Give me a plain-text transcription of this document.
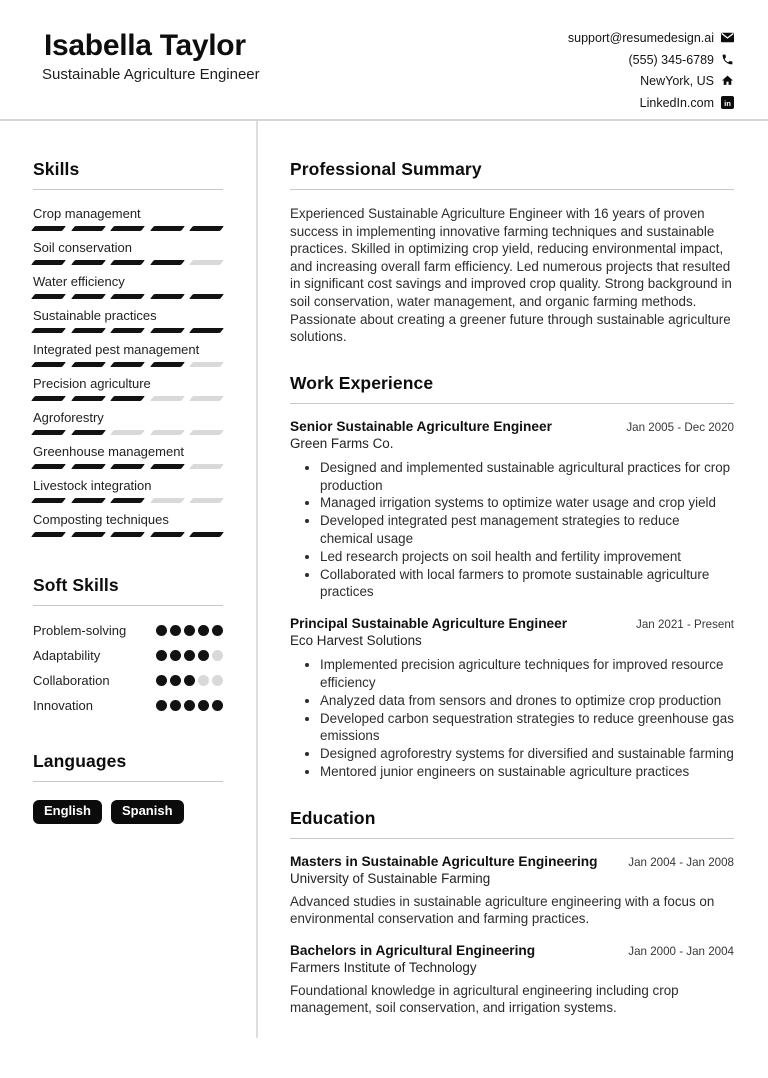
Isabella Taylor
Sustainable Agriculture Engineer
support@resumedesign.ai
(555) 345-6789
NewYork, US
LinkedIn.com in
Skills
Crop management
Soil conservation
Water efficiency
Sustainable practices
Integrated pest management
Precision agriculture
Agroforestry
Greenhouse management
Livestock integration
Composting techniques
Soft Skills
Problem-solving
Adaptability
Collaboration
Innovation
Languages
English	Spanish
Professional Summary

Experienced Sustainable Agriculture Engineer with 16 years of proven success in implementing innovative farming techniques and sustainable practices. Skilled in optimizing crop yield, reducing environmental impact, and increasing overall farm efficiency. Led numerous projects that resulted in significant cost savings and improved crop quality. Strong background in soil conservation, water management, and organic farming methods. Passionate about creating a greener future through sustainable agriculture solutions.

Work Experience
Senior Sustainable Agriculture Engineer	Jan 2005 - Dec 2020
Green Farms Co.
• Designed and implemented sustainable agricultural practices for crop production
• Managed irrigation systems to optimize water usage and crop yield
• Developed integrated pest management strategies to reduce chemical usage
• Led research projects on soil health and fertility improvement
• Collaborated with local farmers to promote sustainable agriculture practices
Principal Sustainable Agriculture Engineer	Jan 2021 - Present
Eco Harvest Solutions
• Implemented precision agriculture techniques for improved resource efficiency
• Analyzed data from sensors and drones to optimize crop production
• Developed carbon sequestration strategies to reduce greenhouse gas emissions
• Designed agroforestry systems for diversified and sustainable farming
• Mentored junior engineers on sustainable agriculture practices
Education
Masters in Sustainable Agriculture Engineering	Jan 2004 - Jan 2008
University of Sustainable Farming

Advanced studies in sustainable agriculture engineering with a focus on environmental conservation and farming practices.

Bachelors in Agricultural Engineering	Jan 2000 - Jan 2004
Farmers Institute of Technology

Foundational knowledge in agricultural engineering including crop management, soil conservation, and irrigation systems.
